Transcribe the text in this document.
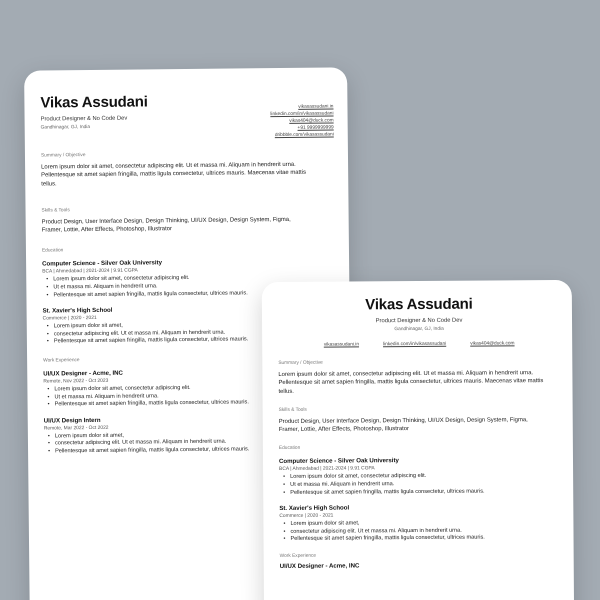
vikasassudani.in
linkedin.com/in/vikasassudani
vikas404@duck.com
+91 9999999999
dribbble.com/vikasassudani
Vikas Assudani
Product Designer & No Code Dev
Gandhinagar, GJ, India
Summary / Objective
Lorem ipsum dolor sit amet, consectetur adipiscing elit. Ut et massa mi. Aliquam in hendrerit urna. Pellentesque sit amet sapien fringilla, mattis ligula consectetur, ultrices mauris. Maecenas vitae mattis tellus.
Skills & Tools
Product Design, User Interface Design, Design Thinking, UI/UX Design, Design System, Figma, Framer, Lottie, After Effects, Photoshop, Illustrator
Education
Computer Science - Silver Oak University
BCA | Ahmedabad | 2021-2024 | 9.91 CGPA
• Lorem ipsum dolor sit amet, consectetur adipiscing elit.
• Ut et massa mi. Aliquam in hendrerit urna.
• Pellentesque sit amet sapien fringilla, mattis ligula consectetur, ultrices mauris.
St. Xavier's High School
Commerce | 2020 - 2021
• Lorem ipsum dolor sit amet,
• consectetur adipiscing elit. Ut et massa mi. Aliquam in hendrerit urna.
• Pellentesque sit amet sapien fringilla, mattis ligula consectetur, ultrices mauris.
Work Experience
UI/UX Designer - Acme, INC
Remote, Nov 2022 - Oct 2023
• Lorem ipsum dolor sit amet, consectetur adipiscing elit.
• Ut et massa mi. Aliquam in hendrerit urna.
• Pellentesque sit amet sapien fringilla, mattis ligula consectetur, ultrices mauris.
UI/UX Design Intern
Remote, Mar 2022 - Oct 2022
• Lorem ipsum dolor sit amet,
• consectetur adipiscing elit. Ut et massa mi. Aliquam in hendrerit urna.
• Pellentesque sit amet sapien fringilla, mattis ligula consectetur, ultrices mauris.
Vikas Assudani
Product Designer & No Code Dev
Gandhinagar, GJ, India
vikasassudani.in	linkedin.com/in/vikasassudani	vikas404@duck.com
Summary / Objective
Lorem ipsum dolor sit amet, consectetur adipiscing elit. Ut et massa mi. Aliquam in hendrerit urna. Pellentesque sit amet sapien fringilla, mattis ligula consectetur, ultrices mauris. Maecenas vitae mattis tellus.
Skills & Tools
Product Design, User Interface Design, Design Thinking, UI/UX Design, Design System, Figma, Framer, Lottie, After Effects, Photoshop, Illustrator
Education
Computer Science - Silver Oak University
BCA | Ahmedabad | 2021-2024 | 9.91 CGPA
• Lorem ipsum dolor sit amet, consectetur adipiscing elit.
• Ut et massa mi. Aliquam in hendrerit urna.
• Pellentesque sit amet sapien fringilla, mattis ligula consectetur, ultrices mauris.
St. Xavier's High School
Commerce | 2020 - 2021
• Lorem ipsum dolor sit amet,
• consectetur adipiscing elit. Ut et massa mi. Aliquam in hendrerit urna.
• Pellentesque sit amet sapien fringilla, mattis ligula consectetur, ultrices mauris.
Work Experience
UI/UX Designer - Acme, INC
